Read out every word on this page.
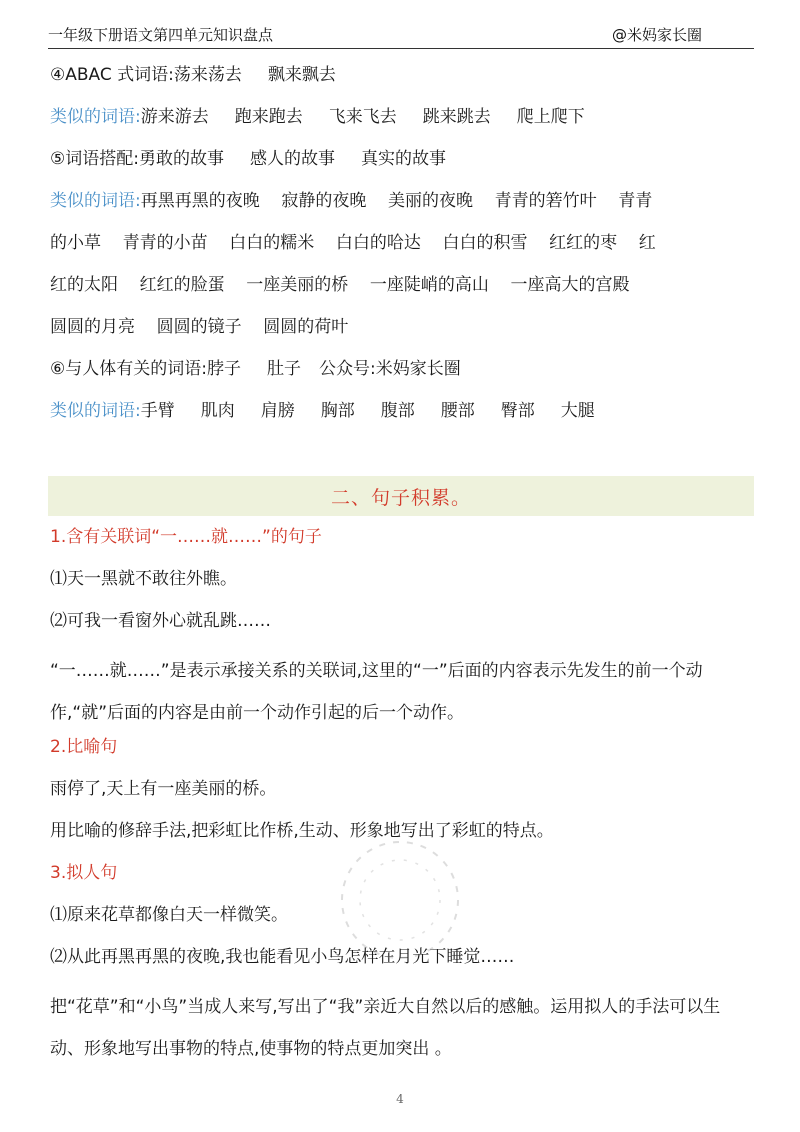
一年级下册语文第四单元知识盘点	@米妈家长圈
④ABAC 式词语:荡来荡去 飘来飘去
类似的词语:游来游去 跑来跑去 飞来飞去 跳来跳去 爬上爬下
⑤词语搭配:勇敢的故事 感人的故事 真实的故事
类似的词语:再黑再黑的夜晚    寂静的夜晚    美丽的夜晚    青青的箬竹叶    青青
的小草    青青的小苗    白白的糯米    白白的哈达    白白的积雪    红红的枣    红
红的太阳    红红的脸蛋    一座美丽的桥    一座陡峭的高山    一座高大的宫殿
圆圆的月亮    圆圆的镜子    圆圆的荷叶
⑥与人体有关的词语:脖子 肚子 公众号:米妈家长圈
类似的词语:手臂 肌肉 肩膀 胸部 腹部 腰部 臀部 大腿
二、句子积累。
1.含有关联词“一……就……”的句子
⑴天一黑就不敢往外瞧。
⑵可我一看窗外心就乱跳……
“一……就……”是表示承接关系的关联词,这里的“一”后面的内容表示先发生的前一个动作,“就”后面的内容是由前一个动作引起的后一个动作。
2.比喻句
雨停了,天上有一座美丽的桥。
用比喻的修辞手法,把彩虹比作桥,生动、形象地写出了彩虹的特点。
3.拟人句
⑴原来花草都像白天一样微笑。
⑵从此再黑再黑的夜晚,我也能看见小鸟怎样在月光下睡觉……
把“花草”和“小鸟”当成人来写,写出了“我”亲近大自然以后的感触。运用拟人的手法可以生动、形象地写出事物的特点,使事物的特点更加突出 。
4
